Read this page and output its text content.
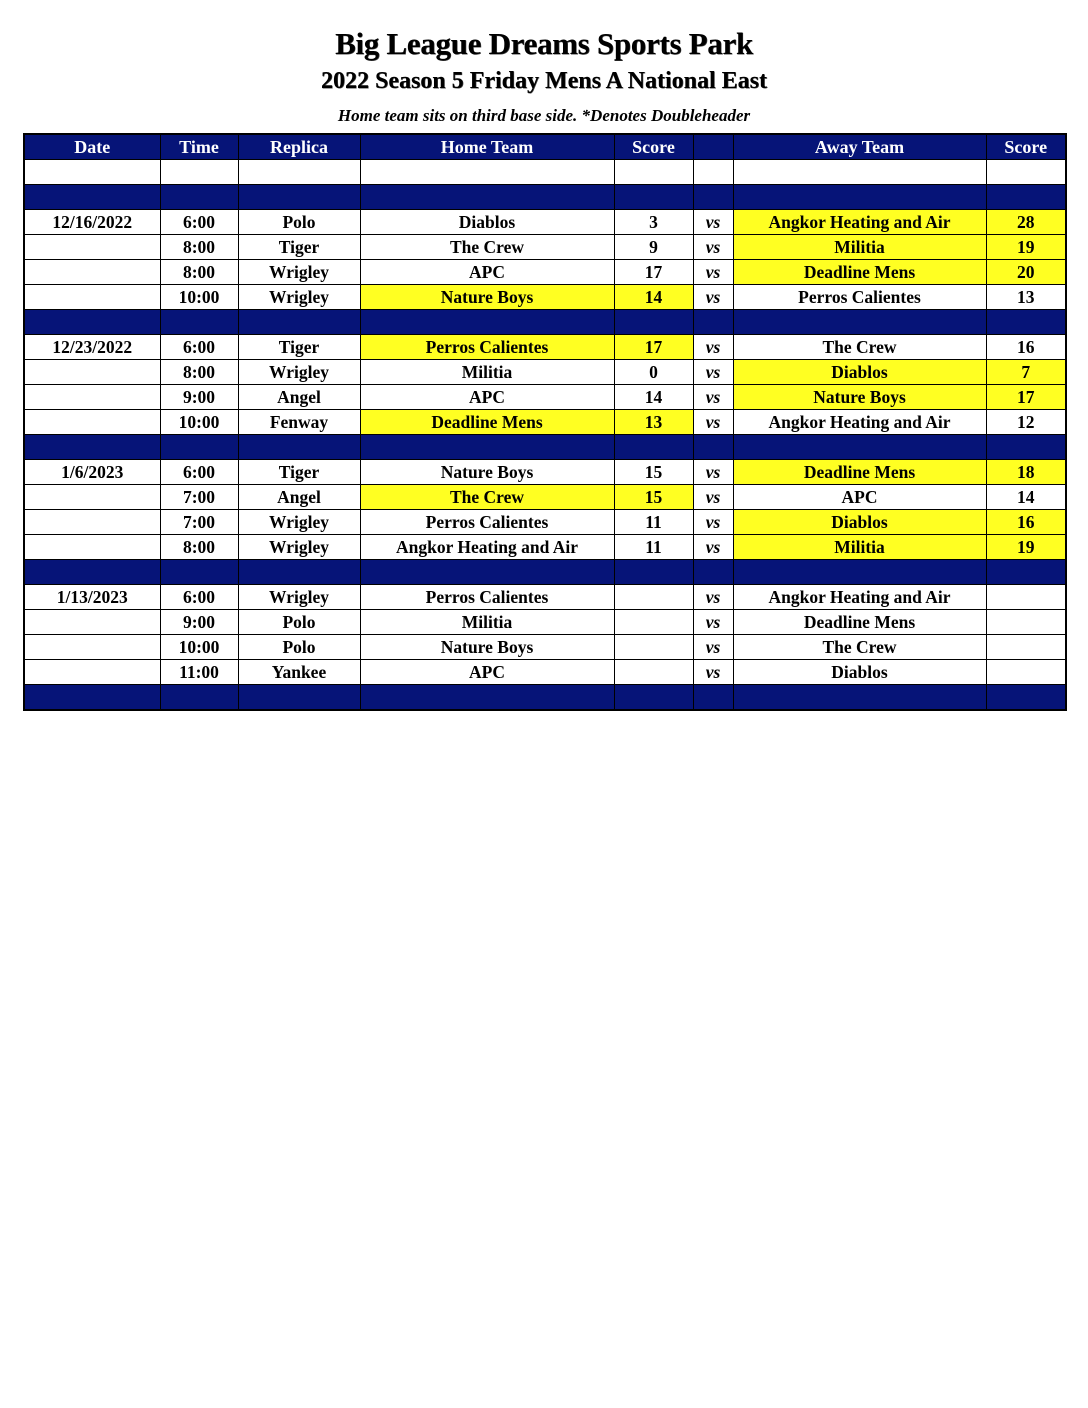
Big League Dreams Sports Park
2022 Season 5 Friday Mens A National East
Home team sits on third base side. *Denotes Doubleheader
Date	Time	Replica	Home Team	Score		Away Team	Score

12/16/2022	6:00	Polo	Diablos	3	vs	Angkor Heating and Air	28
	8:00	Tiger	The Crew	9	vs	Militia	19
	8:00	Wrigley	APC	17	vs	Deadline Mens	20
	10:00	Wrigley	Nature Boys	14	vs	Perros Calientes	13

12/23/2022	6:00	Tiger	Perros Calientes	17	vs	The Crew	16
	8:00	Wrigley	Militia	0	vs	Diablos	7
	9:00	Angel	APC	14	vs	Nature Boys	17
	10:00	Fenway	Deadline Mens	13	vs	Angkor Heating and Air	12

1/6/2023	6:00	Tiger	Nature Boys	15	vs	Deadline Mens	18
	7:00	Angel	The Crew	15	vs	APC	14
	7:00	Wrigley	Perros Calientes	11	vs	Diablos	16
	8:00	Wrigley	Angkor Heating and Air	11	vs	Militia	19

1/13/2023	6:00	Wrigley	Perros Calientes		vs	Angkor Heating and Air	
	9:00	Polo	Militia		vs	Deadline Mens	
	10:00	Polo	Nature Boys		vs	The Crew	
	11:00	Yankee	APC		vs	Diablos	
